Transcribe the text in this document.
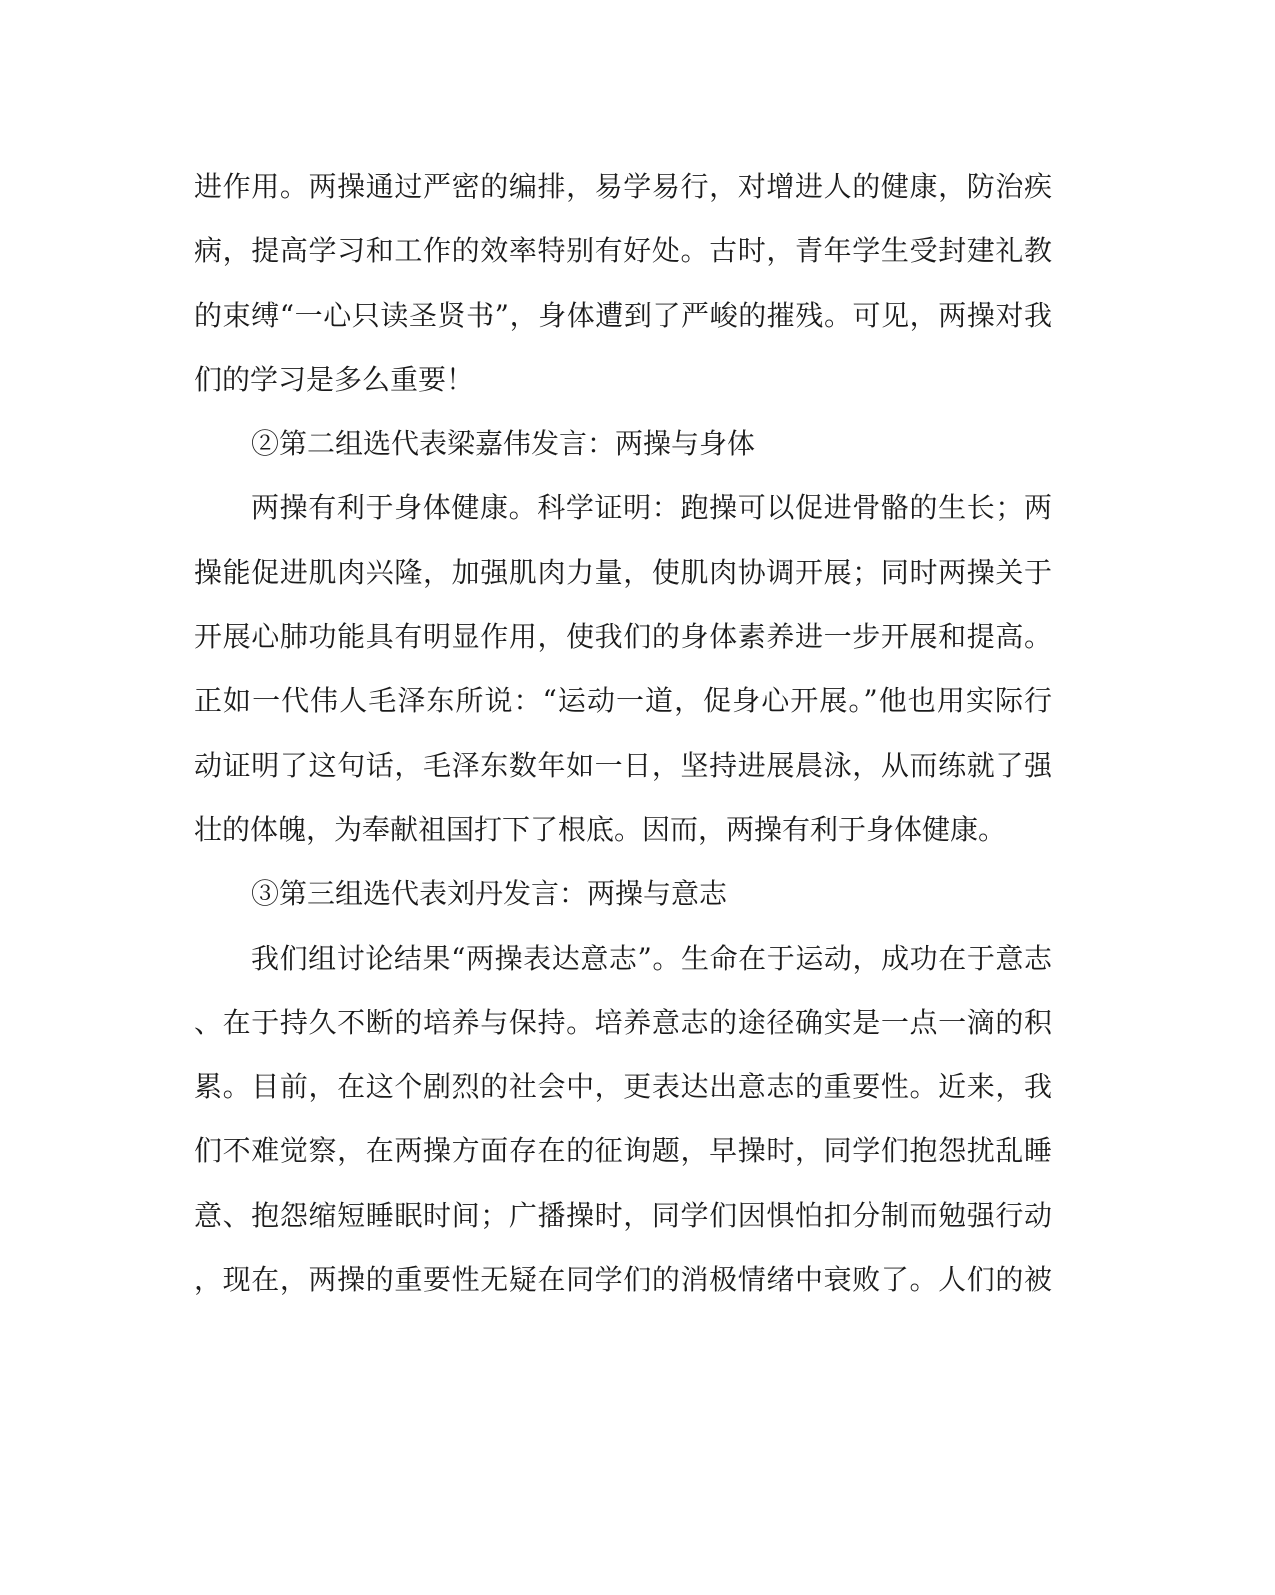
进作用。两操通过严密的编排，易学易行，对增进人的健康，防治疾
病，提高学习和工作的效率特别有好处。古时，青年学生受封建礼教
的束缚“一心只读圣贤书”，身体遭到了严峻的摧残。可见，两操对我
们的学习是多么重要！
②第二组选代表梁嘉伟发言：两操与身体
两操有利于身体健康。科学证明：跑操可以促进骨骼的生长；两
操能促进肌肉兴隆，加强肌肉力量，使肌肉协调开展；同时两操关于
开展心肺功能具有明显作用，使我们的身体素养进一步开展和提高。
正如一代伟人毛泽东所说：“运动一道，促身心开展。”他也用实际行
动证明了这句话，毛泽东数年如一日，坚持进展晨泳，从而练就了强
壮的体魄，为奉献祖国打下了根底。因而，两操有利于身体健康。
③第三组选代表刘丹发言：两操与意志
我们组讨论结果“两操表达意志”。生命在于运动，成功在于意志
、在于持久不断的培养与保持。培养意志的途径确实是一点一滴的积
累。目前，在这个剧烈的社会中，更表达出意志的重要性。近来，我
们不难觉察，在两操方面存在的征询题，早操时，同学们抱怨扰乱睡
意、抱怨缩短睡眠时间；广播操时，同学们因惧怕扣分制而勉强行动
，现在，两操的重要性无疑在同学们的消极情绪中衰败了。人们的被
